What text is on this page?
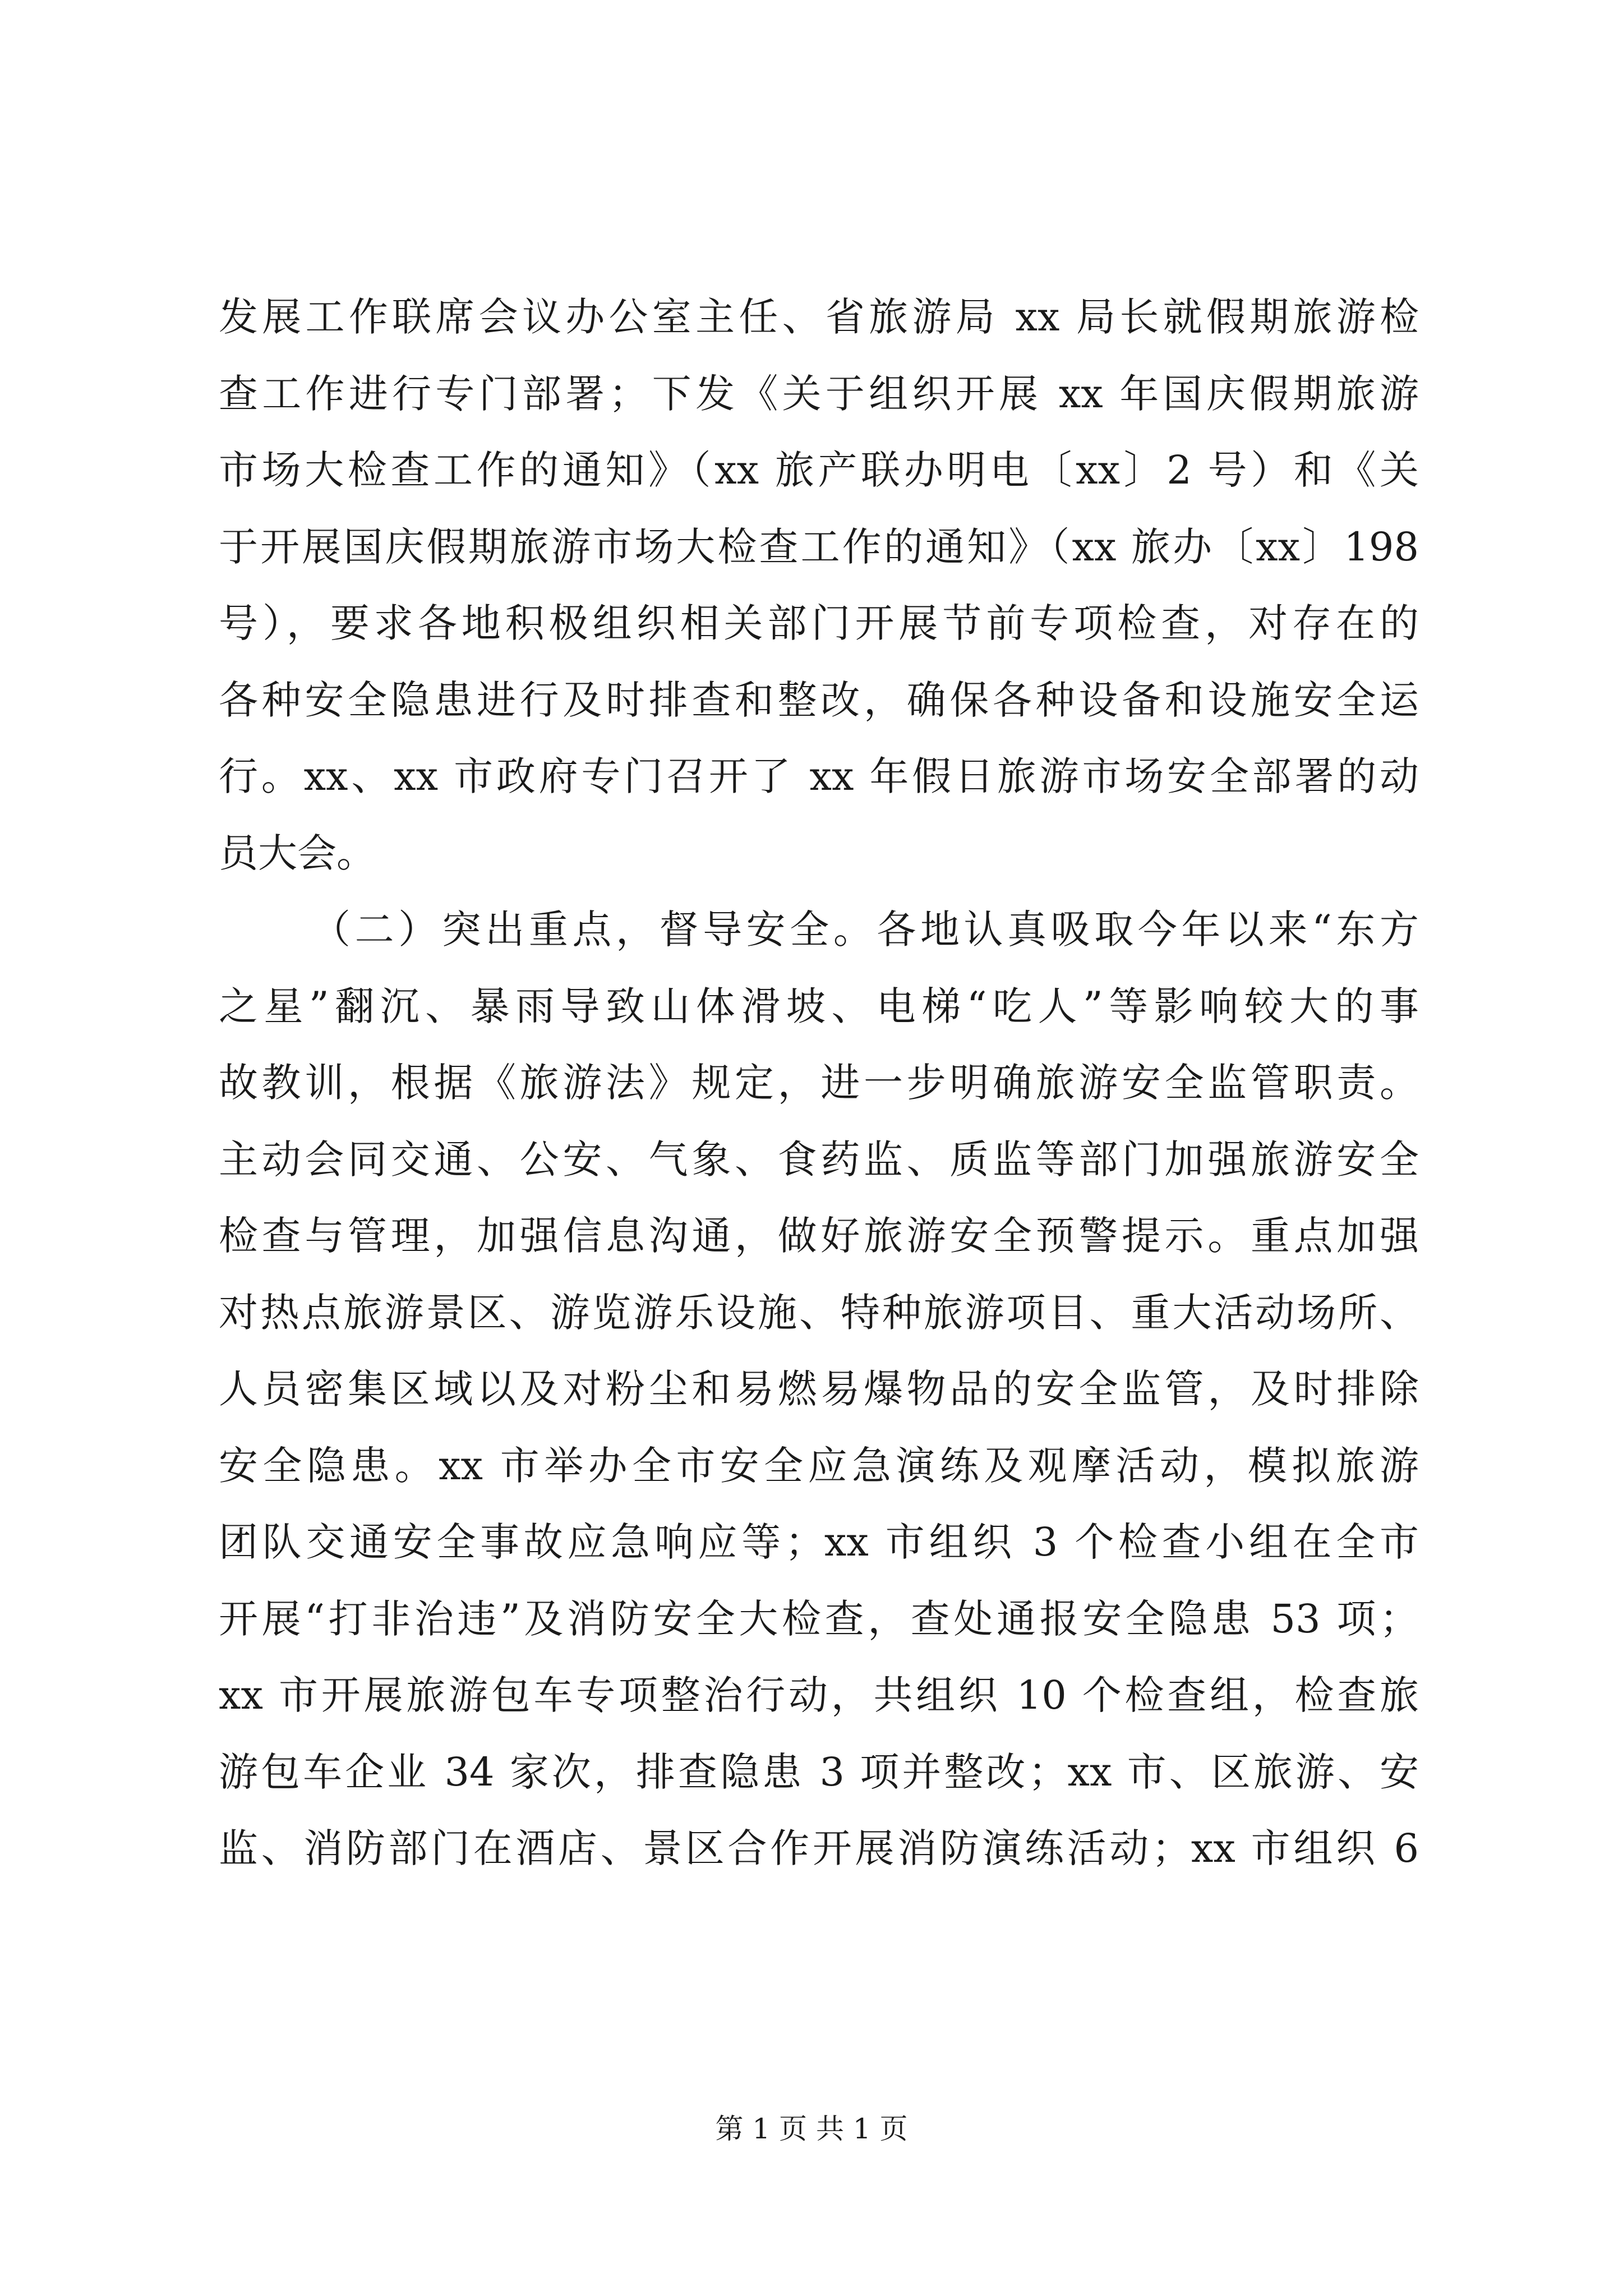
发展工作联席会议办公室主任、省旅游局 xx 局长就假期旅游检
查工作进行专门部署；下发《关于组织开展 xx 年国庆假期旅游
市场大检查工作的通知》（xx 旅产联办明电〔xx〕2 号）和《关
于开展国庆假期旅游市场大检查工作的通知》（xx 旅办〔xx〕198
号），要求各地积极组织相关部门开展节前专项检查，对存在的
各种安全隐患进行及时排查和整改，确保各种设备和设施安全运
行。xx、xx 市政府专门召开了 xx 年假日旅游市场安全部署的动
员大会。
（二）突出重点，督导安全。各地认真吸取今年以来“东方
之星”翻沉、暴雨导致山体滑坡、电梯“吃人”等影响较大的事
故教训，根据《旅游法》规定，进一步明确旅游安全监管职责。
主动会同交通、公安、气象、食药监、质监等部门加强旅游安全
检查与管理，加强信息沟通，做好旅游安全预警提示。重点加强
对热点旅游景区、游览游乐设施、特种旅游项目、重大活动场所、
人员密集区域以及对粉尘和易燃易爆物品的安全监管，及时排除
安全隐患。xx 市举办全市安全应急演练及观摩活动，模拟旅游
团队交通安全事故应急响应等；xx 市组织 3 个检查小组在全市
开展“打非治违”及消防安全大检查，查处通报安全隐患 53 项；
xx 市开展旅游包车专项整治行动，共组织 10 个检查组，检查旅
游包车企业 34 家次，排查隐患 3 项并整改；xx 市、区旅游、安
监、消防部门在酒店、景区合作开展消防演练活动；xx 市组织 6
第 1 页 共 1 页
